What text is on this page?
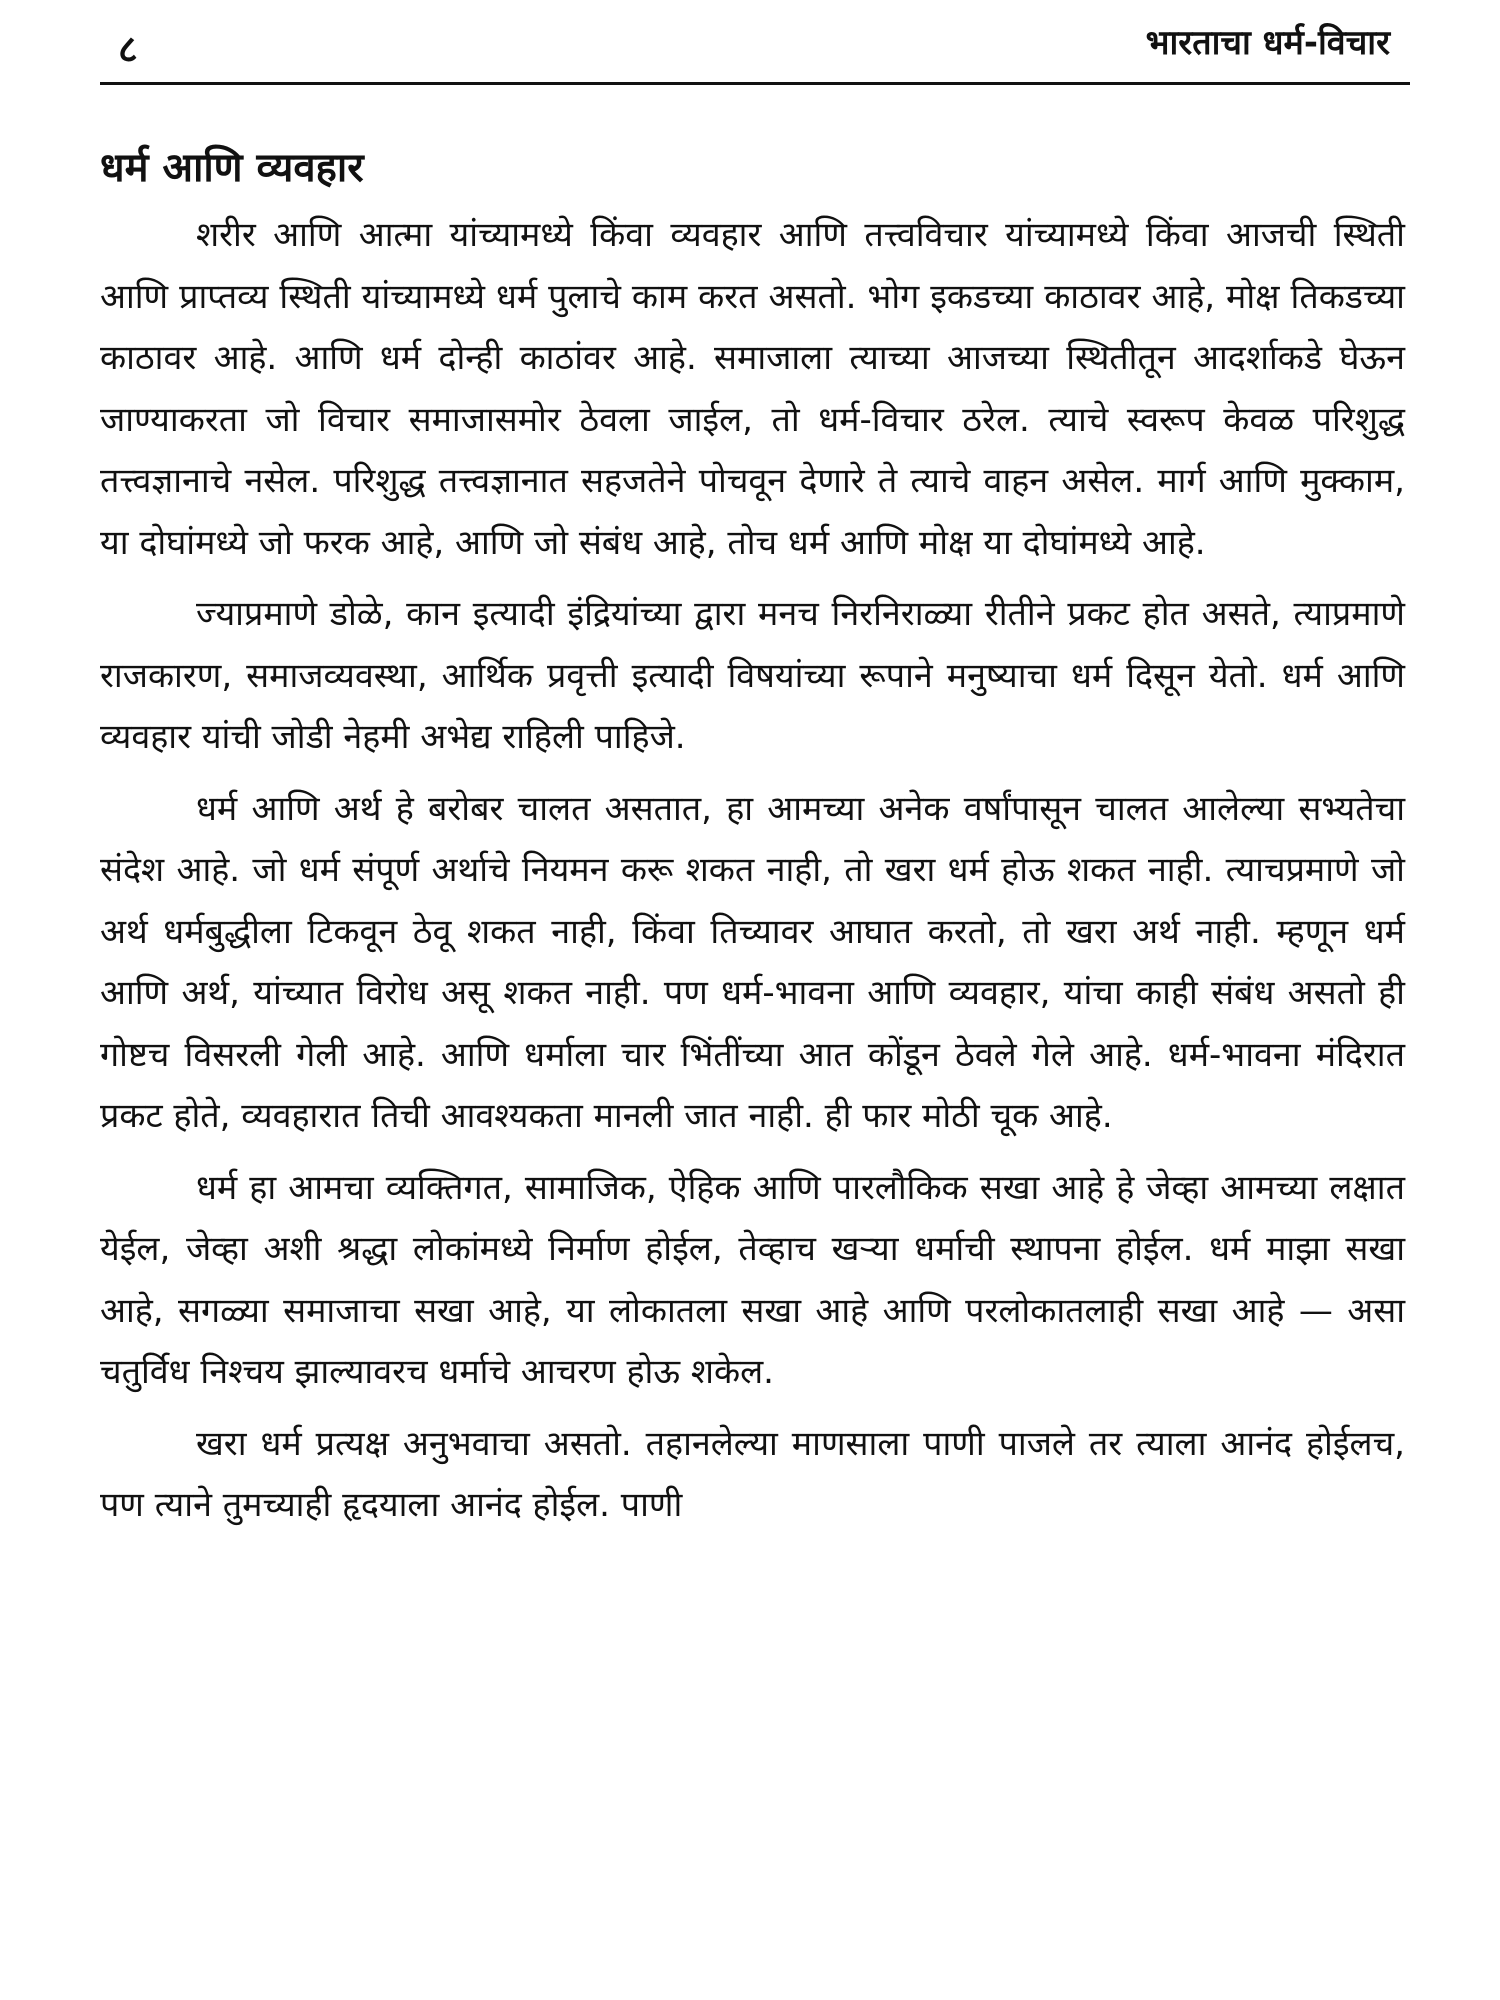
८	भारताचा धर्म-विचार
धर्म आणि व्यवहार

शरीर आणि आत्मा यांच्यामध्ये किंवा व्यवहार आणि तत्त्वविचार यांच्यामध्ये किंवा आजची स्थिती आणि प्राप्तव्य स्थिती यांच्यामध्ये धर्म पुलाचे काम करत असतो. भोग इकडच्या काठावर आहे, मोक्ष तिकडच्या काठावर आहे. आणि धर्म दोन्ही काठांवर आहे. समाजाला त्याच्या आजच्या स्थितीतून आदर्शाकडे घेऊन जाण्याकरता जो विचार समाजासमोर ठेवला जाईल, तो धर्म-विचार ठरेल. त्याचे स्वरूप केवळ परिशुद्ध तत्त्वज्ञानाचे नसेल. परिशुद्ध तत्त्वज्ञानात सहजतेने पोचवून देणारे ते त्याचे वाहन असेल. मार्ग आणि मुक्काम, या दोघांमध्ये जो फरक आहे, आणि जो संबंध आहे, तोच धर्म आणि मोक्ष या दोघांमध्ये आहे.

ज्याप्रमाणे डोळे, कान इत्यादी इंद्रियांच्या द्वारा मनच निरनिराळ्या रीतीने प्रकट होत असते, त्याप्रमाणे राजकारण, समाजव्यवस्था, आर्थिक प्रवृत्ती इत्यादी विषयांच्या रूपाने मनुष्याचा धर्म दिसून येतो. धर्म आणि व्यवहार यांची जोडी नेहमी अभेद्य राहिली पाहिजे.

धर्म आणि अर्थ हे बरोबर चालत असतात, हा आमच्या अनेक वर्षांपासून चालत आलेल्या सभ्यतेचा संदेश आहे. जो धर्म संपूर्ण अर्थाचे नियमन करू शकत नाही, तो खरा धर्म होऊ शकत नाही. त्याचप्रमाणे जो अर्थ धर्मबुद्धीला टिकवून ठेवू शकत नाही, किंवा तिच्यावर आघात करतो, तो खरा अर्थ नाही. म्हणून धर्म आणि अर्थ, यांच्यात विरोध असू शकत नाही. पण धर्म-भावना आणि व्यवहार, यांचा काही संबंध असतो ही गोष्टच विसरली गेली आहे. आणि धर्माला चार भिंतींच्या आत कोंडून ठेवले गेले आहे. धर्म-भावना मंदिरात प्रकट होते, व्यवहारात तिची आवश्यकता मानली जात नाही. ही फार मोठी चूक आहे.

धर्म हा आमचा व्यक्तिगत, सामाजिक, ऐहिक आणि पारलौकिक सखा आहे हे जेव्हा आमच्या लक्षात येईल, जेव्हा अशी श्रद्धा लोकांमध्ये निर्माण होईल, तेव्हाच खऱ्या धर्माची स्थापना होईल. धर्म माझा सखा आहे, सगळ्या समाजाचा सखा आहे, या लोकातला सखा आहे आणि परलोकातलाही सखा आहे — असा चतुर्विध निश्चय झाल्यावरच धर्माचे आचरण होऊ शकेल.

खरा धर्म प्रत्यक्ष अनुभवाचा असतो. तहानलेल्या माणसाला पाणी पाजले तर त्याला आनंद होईलच, पण त्याने तुमच्याही हृदयाला आनंद होईल. पाणी
